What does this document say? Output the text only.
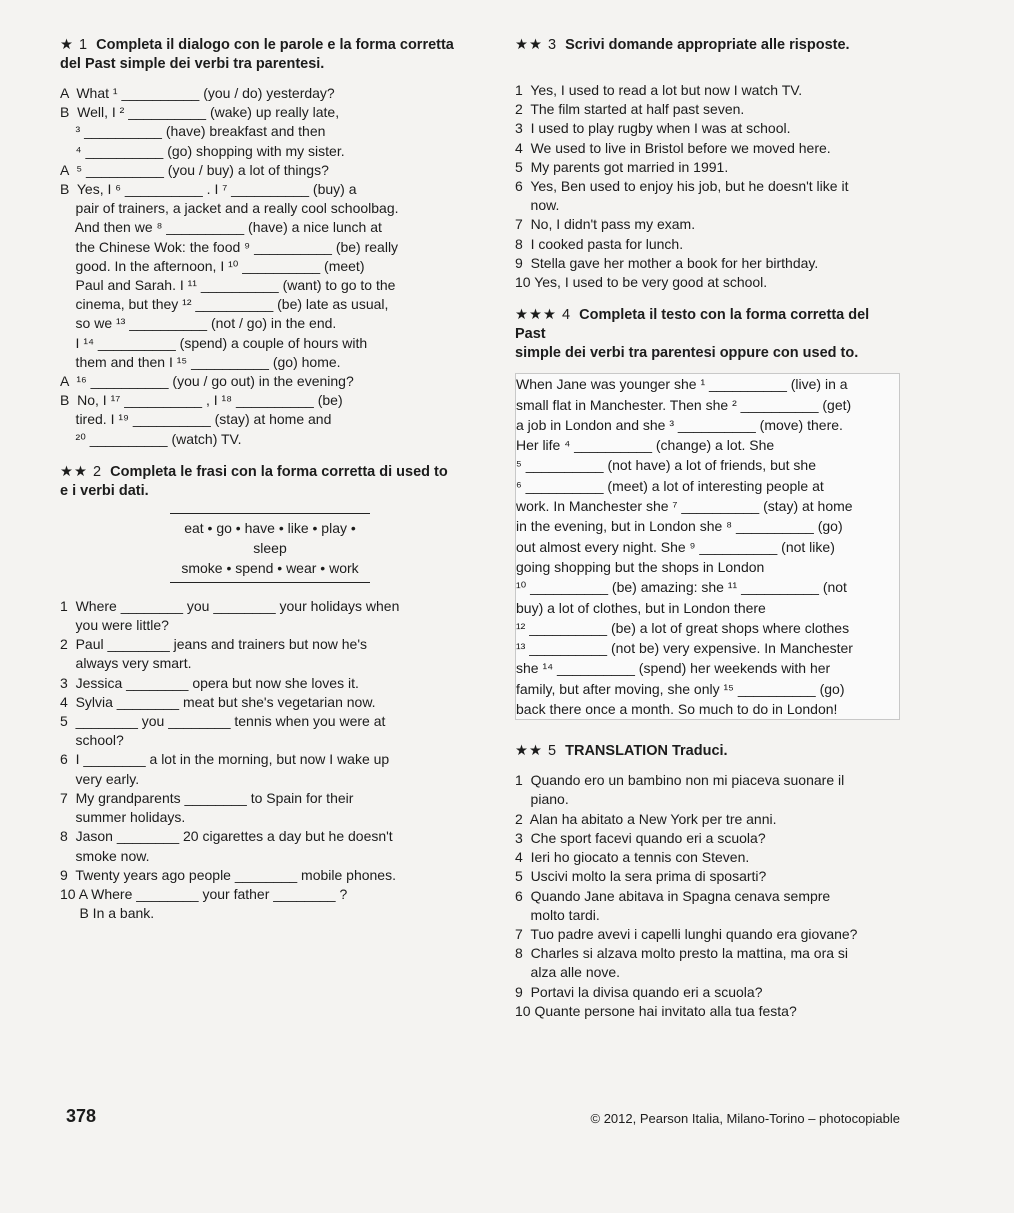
★ 1 Completa il dialogo con le parole e la forma corretta
del Past simple dei verbi tra parentesi.
A  What ¹ __________ (you / do) yesterday?
B  Well, I ² __________ (wake) up really late,
³ __________ (have) breakfast and then
⁴ __________ (go) shopping with my sister.
A  ⁵ __________ (you / buy) a lot of things?
B  Yes, I ⁶ __________ . I ⁷ __________ (buy) a
pair of trainers, a jacket and a really cool schoolbag.
And then we ⁸ __________ (have) a nice lunch at
the Chinese Wok: the food ⁹ __________ (be) really
good. In the afternoon, I ¹⁰ __________ (meet)
Paul and Sarah. I ¹¹ __________ (want) to go to the
cinema, but they ¹² __________ (be) late as usual,
so we ¹³ __________ (not / go) in the end.
I ¹⁴ __________ (spend) a couple of hours with
them and then I ¹⁵ __________ (go) home.
A  ¹⁶ __________ (you / go out) in the evening?
B  No, I ¹⁷ __________ , I ¹⁸ __________ (be)
tired. I ¹⁹ __________ (stay) at home and
²⁰ __________ (watch) TV.
★★ 2 Completa le frasi con la forma corretta di used to
e i verbi dati.
eat • go • have • like • play • sleep
smoke • spend • wear • work
1  Where ________ you ________ your holidays when
you were little?
2  Paul ________ jeans and trainers but now he's
always very smart.
3  Jessica ________ opera but now she loves it.
4  Sylvia ________ meat but she's vegetarian now.
5  ________ you ________ tennis when you were at
school?
6  I ________ a lot in the morning, but now I wake up
very early.
7  My grandparents ________ to Spain for their
summer holidays.
8  Jason ________ 20 cigarettes a day but he doesn't
smoke now.
9  Twenty years ago people ________ mobile phones.
10 A Where ________ your father ________ ?
B In a bank.
★★ 3 Scrivi domande appropriate alle risposte.
1  Yes, I used to read a lot but now I watch TV.
2  The film started at half past seven.
3  I used to play rugby when I was at school.
4  We used to live in Bristol before we moved here.
5  My parents got married in 1991.
6  Yes, Ben used to enjoy his job, but he doesn't like it
now.
7  No, I didn't pass my exam.
8  I cooked pasta for lunch.
9  Stella gave her mother a book for her birthday.
10 Yes, I used to be very good at school.
★★★ 4 Completa il testo con la forma corretta del Past
simple dei verbi tra parentesi oppure con used to.
When Jane was younger she ¹ __________ (live) in a
small flat in Manchester. Then she ² __________ (get)
a job in London and she ³ __________ (move) there.
Her life ⁴ __________ (change) a lot. She
⁵ __________ (not have) a lot of friends, but she
⁶ __________ (meet) a lot of interesting people at
work. In Manchester she ⁷ __________ (stay) at home
in the evening, but in London she ⁸ __________ (go)
out almost every night. She ⁹ __________ (not like)
going shopping but the shops in London
¹⁰ __________ (be) amazing: she ¹¹ __________ (not
buy) a lot of clothes, but in London there
¹² __________ (be) a lot of great shops where clothes
¹³ __________ (not be) very expensive. In Manchester
she ¹⁴ __________ (spend) her weekends with her
family, but after moving, she only ¹⁵ __________ (go)
back there once a month. So much to do in London!
★★ 5 TRANSLATION Traduci.
1  Quando ero un bambino non mi piaceva suonare il
piano.
2  Alan ha abitato a New York per tre anni.
3  Che sport facevi quando eri a scuola?
4  Ieri ho giocato a tennis con Steven.
5  Uscivi molto la sera prima di sposarti?
6  Quando Jane abitava in Spagna cenava sempre
molto tardi.
7  Tuo padre avevi i capelli lunghi quando era giovane?
8  Charles si alzava molto presto la mattina, ma ora si
alza alle nove.
9  Portavi la divisa quando eri a scuola?
10 Quante persone hai invitato alla tua festa?
378	© 2012, Pearson Italia, Milano-Torino – photocopiable
